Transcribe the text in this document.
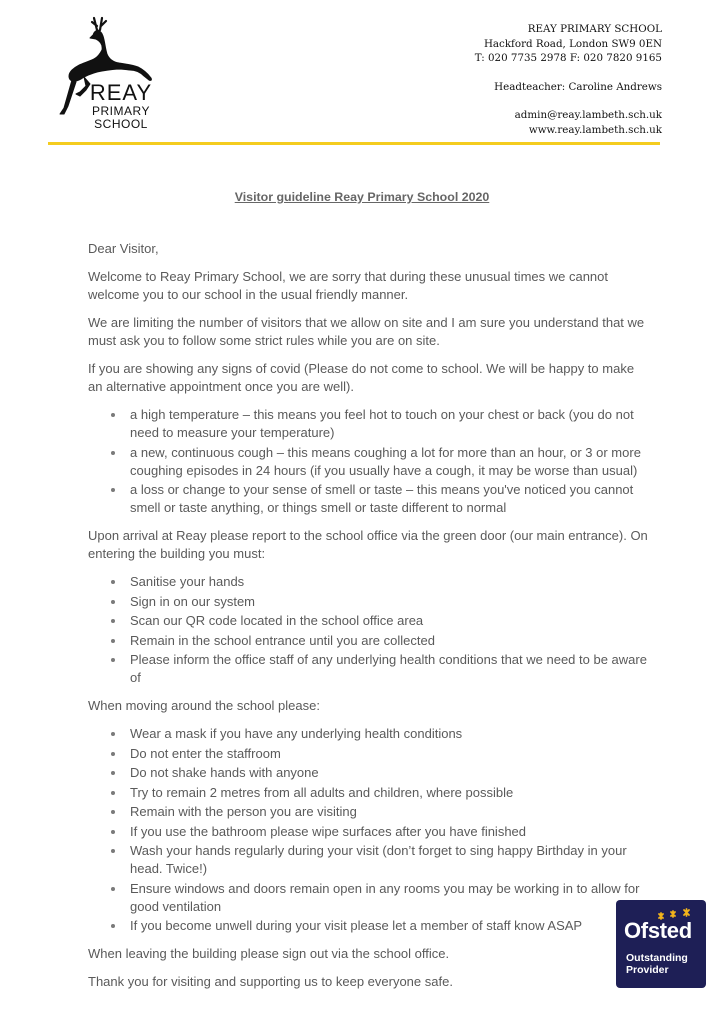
REAY
PRIMARY
SCHOOL
REAY PRIMARY SCHOOL
Hackford Road, London SW9 0EN
T: 020 7735 2978 F: 020 7820 9165
Headteacher: Caroline Andrews
admin@reay.lambeth.sch.uk
www.reay.lambeth.sch.uk
Visitor guideline Reay Primary School 2020

Dear Visitor,

Welcome to Reay Primary School, we are sorry that during these unusual times we cannot welcome you to our school in the usual friendly manner.

We are limiting the number of visitors that we allow on site and I am sure you understand that we must ask you to follow some strict rules while you are on site.

If you are showing any signs of covid (Please do not come to school. We will be happy to make an alternative appointment once you are well).

a high temperature – this means you feel hot to touch on your chest or back (you do not need to measure your temperature)
a new, continuous cough – this means coughing a lot for more than an hour, or 3 or more coughing episodes in 24 hours (if you usually have a cough, it may be worse than usual)
a loss or change to your sense of smell or taste – this means you've noticed you cannot smell or taste anything, or things smell or taste different to normal

Upon arrival at Reay please report to the school office via the green door (our main entrance). On entering the building you must:

Sanitise your hands
Sign in on our system
Scan our QR code located in the school office area
Remain in the school entrance until you are collected
Please inform the office staff of any underlying health conditions that we need to be aware of

When moving around the school please:

Wear a mask if you have any underlying health conditions
Do not enter the staffroom
Do not shake hands with anyone
Try to remain 2 metres from all adults and children, where possible
Remain with the person you are visiting
If you use the bathroom please wipe surfaces after you have finished
Wash your hands regularly during your visit (don’t forget to sing happy Birthday in your head. Twice!)
Ensure windows and doors remain open in any rooms you may be working in to allow for good ventilation
If you become unwell during your visit please let a member of staff know ASAP

When leaving the building please sign out via the school office.

Thank you for visiting and supporting us to keep everyone safe.

Ofsted
Outstanding
Provider
